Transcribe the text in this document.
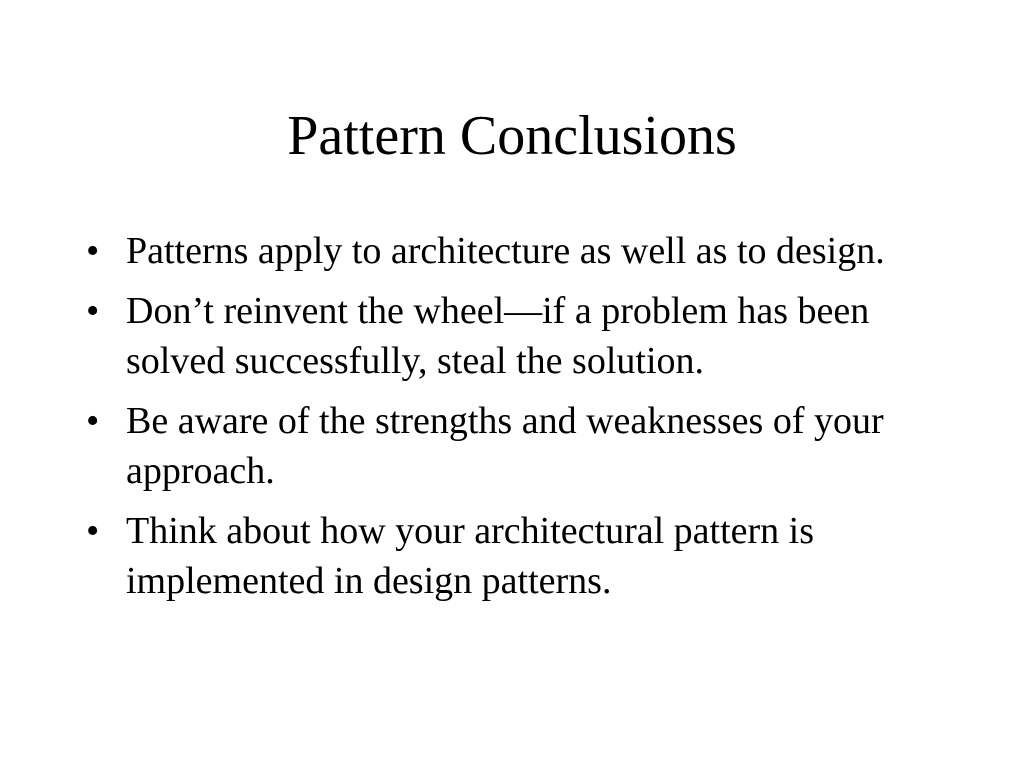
Pattern Conclusions
• Patterns apply to architecture as well as to design.
• Don’t reinvent the wheel—if a problem has been solved successfully, steal the solution.
• Be aware of the strengths and weaknesses of your approach.
• Think about how your architectural pattern is implemented in design patterns.
